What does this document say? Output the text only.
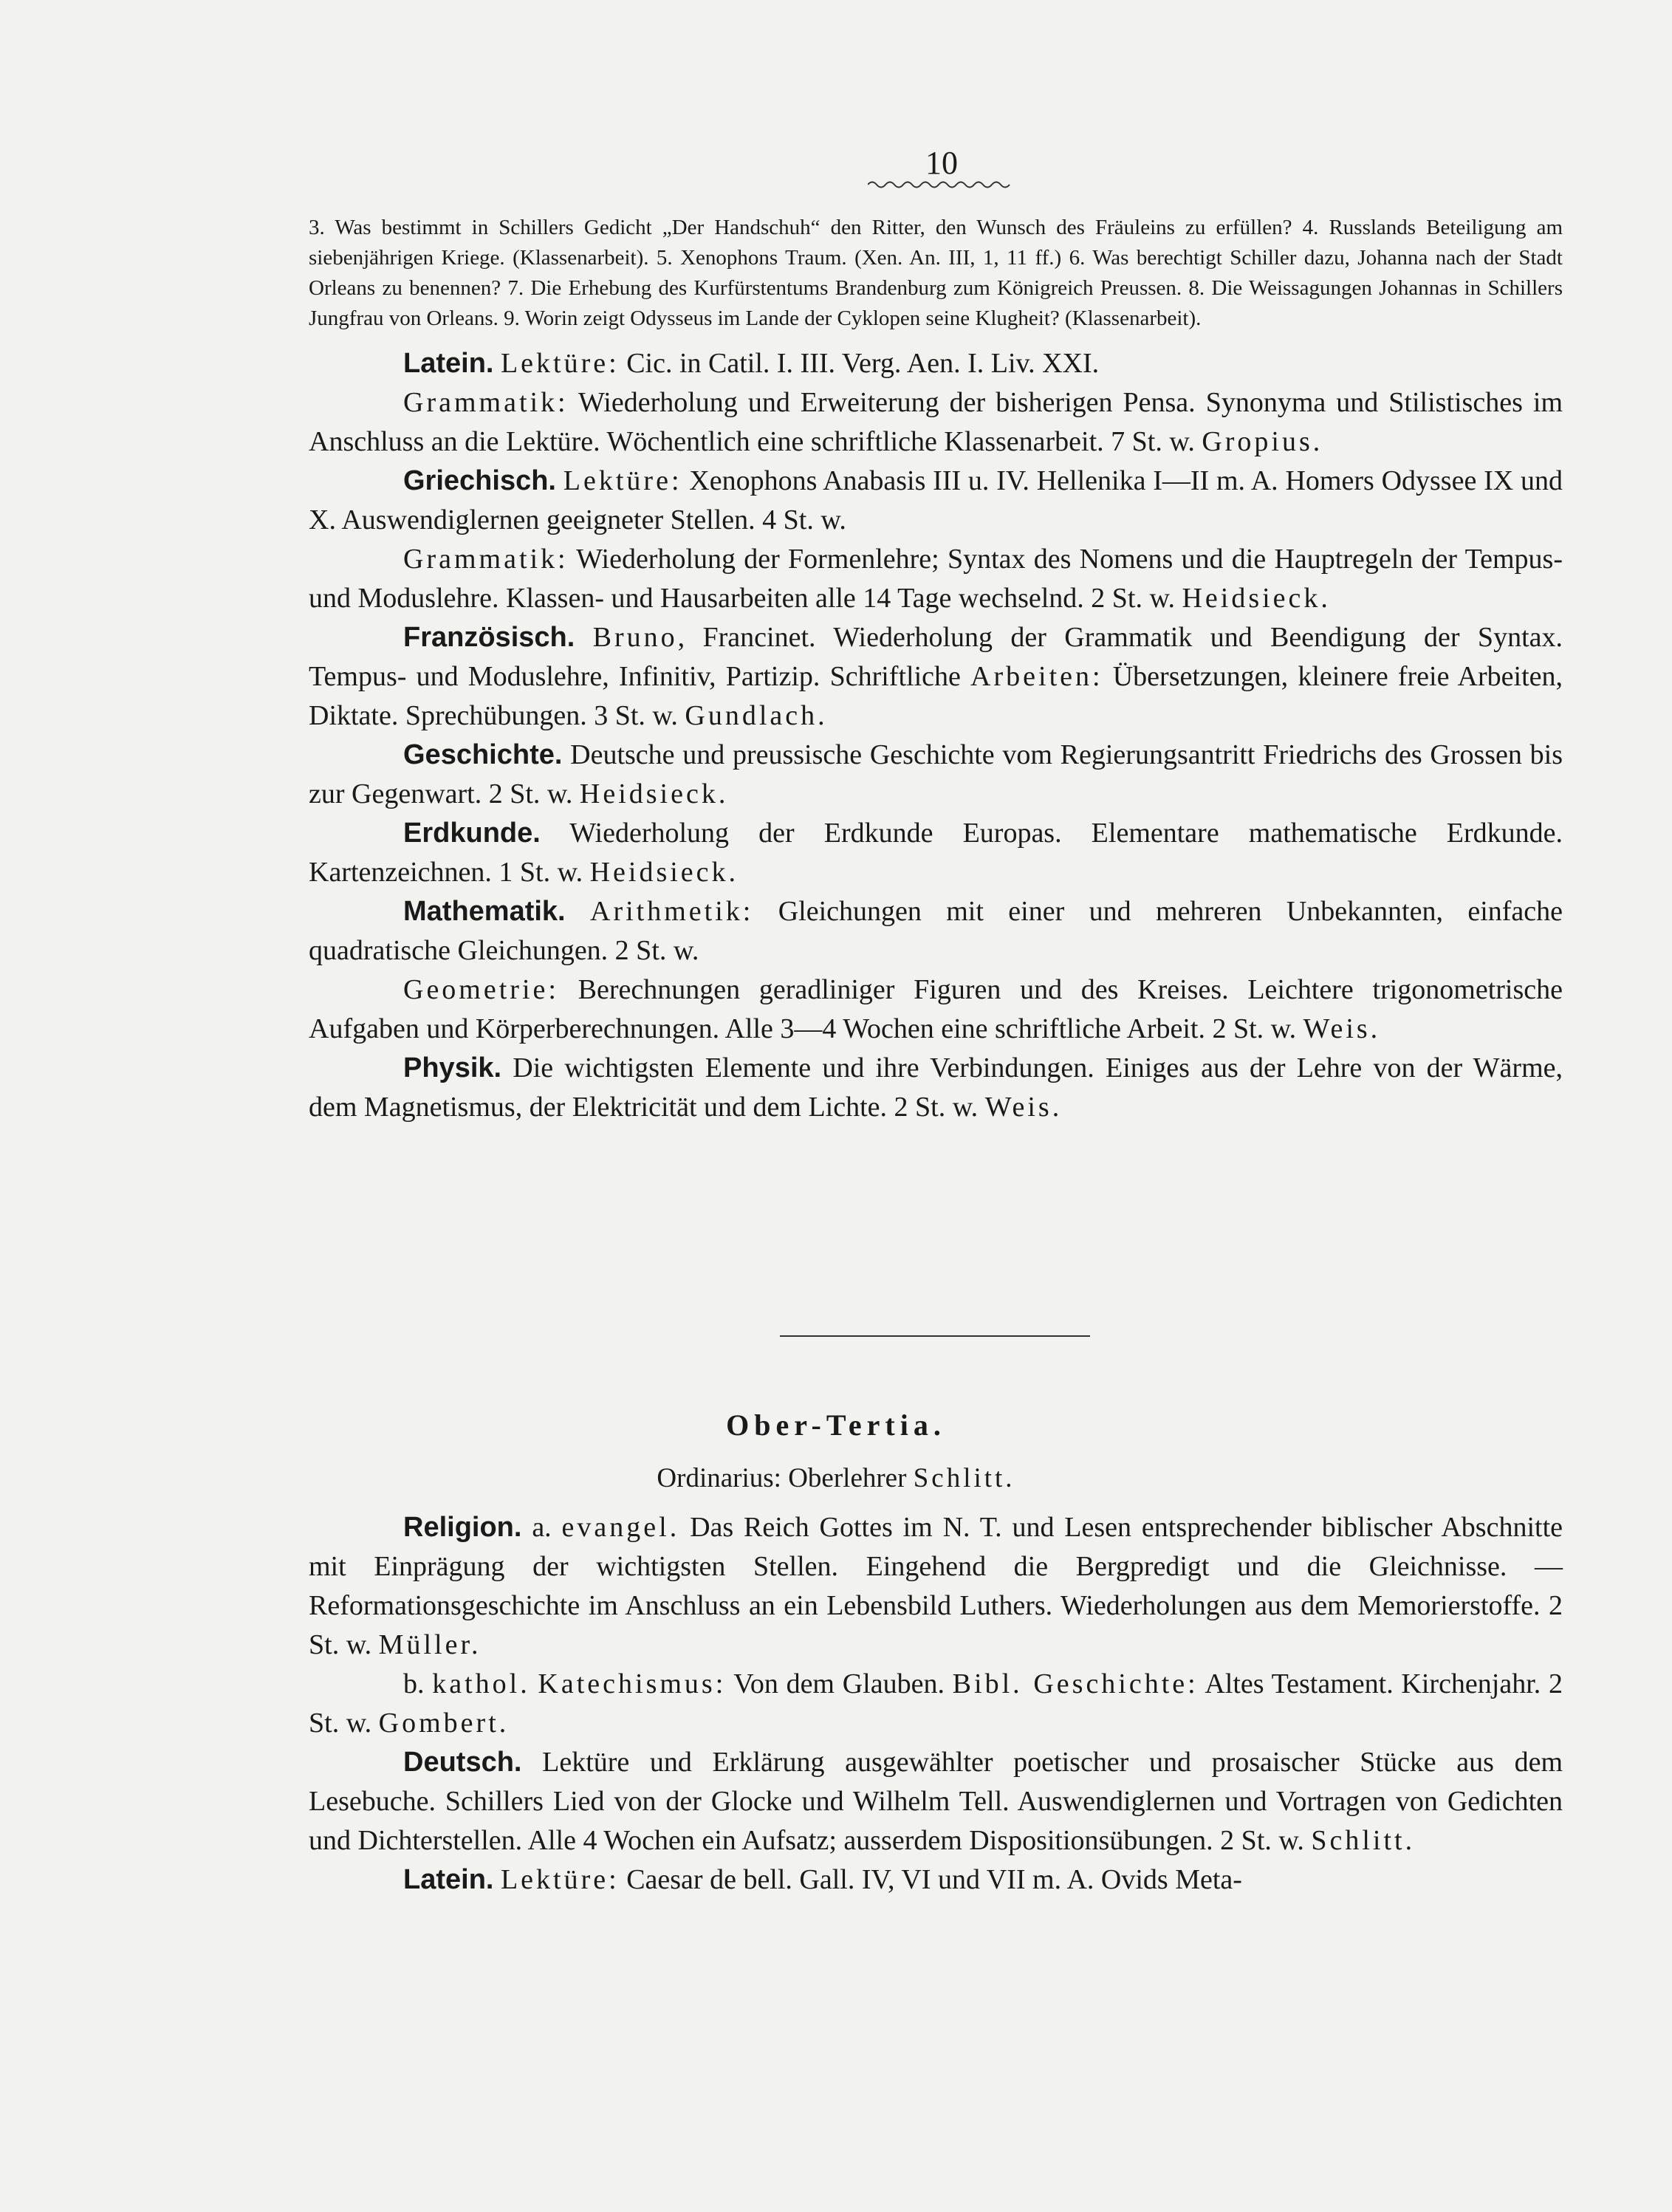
10
3. Was bestimmt in Schillers Gedicht „Der Handschuh“ den Ritter, den Wunsch des Fräuleins zu erfüllen? 4. Russlands Beteiligung am siebenjährigen Kriege. (Klassenarbeit). 5. Xenophons Traum. (Xen. An. III, 1, 11 ff.) 6. Was berechtigt Schiller dazu, Johanna nach der Stadt Orleans zu benennen? 7. Die Erhebung des Kurfürstentums Brandenburg zum Königreich Preussen. 8. Die Weissagungen Johannas in Schillers Jungfrau von Orleans. 9. Worin zeigt Odysseus im Lande der Cyklopen seine Klugheit? (Klassenarbeit).

Latein. Lektüre: Cic. in Catil. I. III. Verg. Aen. I. Liv. XXI.

Grammatik: Wiederholung und Erweiterung der bisherigen Pensa. Synonyma und Stilistisches im Anschluss an die Lektüre. Wöchentlich eine schriftliche Klassenarbeit. 7 St. w. Gropius.

Griechisch. Lektüre: Xenophons Anabasis III u. IV. Hellenika I—II m. A. Homers Odyssee IX und X. Auswendiglernen geeigneter Stellen. 4 St. w.

Grammatik: Wiederholung der Formenlehre; Syntax des Nomens und die Hauptregeln der Tempus- und Moduslehre. Klassen- und Hausarbeiten alle 14 Tage wechselnd. 2 St. w. Heidsieck.

Französisch. Bruno, Francinet. Wiederholung der Grammatik und Beendigung der Syntax. Tempus- und Moduslehre, Infinitiv, Partizip. Schriftliche Arbeiten: Übersetzungen, kleinere freie Arbeiten, Diktate. Sprechübungen. 3 St. w. Gundlach.

Geschichte. Deutsche und preussische Geschichte vom Regierungsantritt Friedrichs des Grossen bis zur Gegenwart. 2 St. w. Heidsieck.

Erdkunde. Wiederholung der Erdkunde Europas. Elementare mathematische Erdkunde. Kartenzeichnen. 1 St. w. Heidsieck.

Mathematik. Arithmetik: Gleichungen mit einer und mehreren Unbekannten, einfache quadratische Gleichungen. 2 St. w.

Geometrie: Berechnungen geradliniger Figuren und des Kreises. Leichtere trigonometrische Aufgaben und Körperberechnungen. Alle 3—4 Wochen eine schriftliche Arbeit. 2 St. w. Weis.

Physik. Die wichtigsten Elemente und ihre Verbindungen. Einiges aus der Lehre von der Wärme, dem Magnetismus, der Elektricität und dem Lichte. 2 St. w. Weis.

Ober-Tertia.
Ordinarius: Oberlehrer Schlitt.

Religion. a. evangel. Das Reich Gottes im N. T. und Lesen entsprechender biblischer Abschnitte mit Einprägung der wichtigsten Stellen. Eingehend die Bergpredigt und die Gleichnisse. — Reformationsgeschichte im Anschluss an ein Lebensbild Luthers. Wiederholungen aus dem Memorierstoffe. 2 St. w. Müller.

b. kathol. Katechismus: Von dem Glauben. Bibl. Geschichte: Altes Testament. Kirchenjahr. 2 St. w. Gombert.

Deutsch. Lektüre und Erklärung ausgewählter poetischer und prosaischer Stücke aus dem Lesebuche. Schillers Lied von der Glocke und Wilhelm Tell. Auswendiglernen und Vortragen von Gedichten und Dichterstellen. Alle 4 Wochen ein Aufsatz; ausserdem Dispositionsübungen. 2 St. w. Schlitt.

Latein. Lektüre: Caesar de bell. Gall. IV, VI und VII m. A. Ovids Meta-
